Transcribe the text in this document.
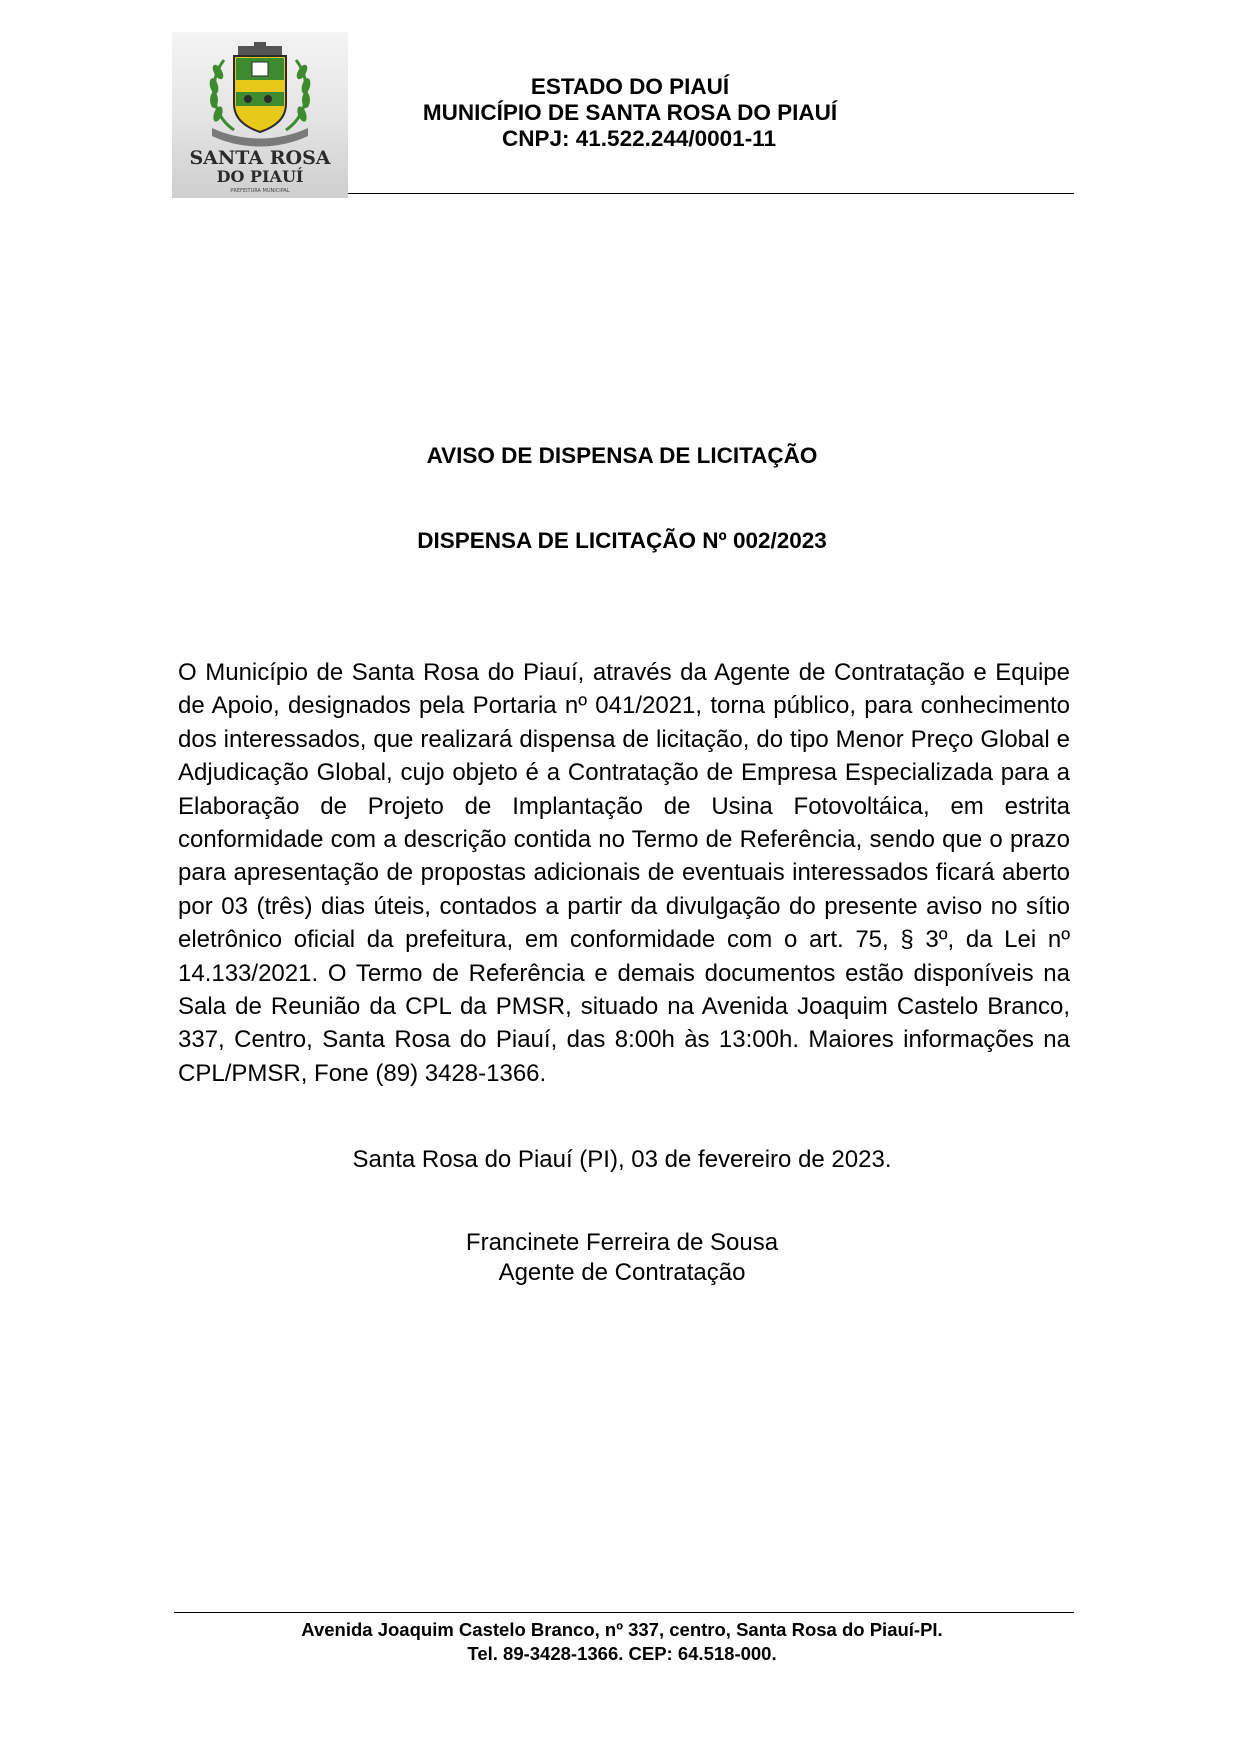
SANTA ROSA
DO PIAUÍ
PREFEITURA MUNICIPAL
ESTADO DO PIAUÍ
MUNICÍPIO DE SANTA ROSA DO PIAUÍ
CNPJ: 41.522.244/0001-11
AVISO DE DISPENSA DE LICITAÇÃO
DISPENSA DE LICITAÇÃO Nº 002/2023

O Município de Santa Rosa do Piauí, através da Agente de Contratação e Equipe de Apoio, designados pela Portaria nº 041/2021, torna público, para conhecimento dos interessados, que realizará dispensa de licitação, do tipo Menor Preço Global e Adjudicação Global, cujo objeto é a Contratação de Empresa Especializada para a Elaboração de Projeto de Implantação de Usina Fotovoltáica, em estrita conformidade com a descrição contida no Termo de Referência, sendo que o prazo para apresentação de propostas adicionais de eventuais interessados ficará aberto por 03 (três) dias úteis, contados a partir da divulgação do presente aviso no sítio eletrônico oficial da prefeitura, em conformidade com o art. 75, § 3º, da Lei nº 14.133/2021. O Termo de Referência e demais documentos estão disponíveis na Sala de Reunião da CPL da PMSR, situado na Avenida Joaquim Castelo Branco, 337, Centro, Santa Rosa do Piauí, das 8:00h às 13:00h. Maiores informações na CPL/PMSR, Fone (89) 3428-1366.

Santa Rosa do Piauí (PI), 03 de fevereiro de 2023.
Francinete Ferreira de Sousa
Agente de Contratação
Avenida Joaquim Castelo Branco, nº 337, centro, Santa Rosa do Piauí-PI.
Tel. 89-3428-1366. CEP: 64.518-000.
